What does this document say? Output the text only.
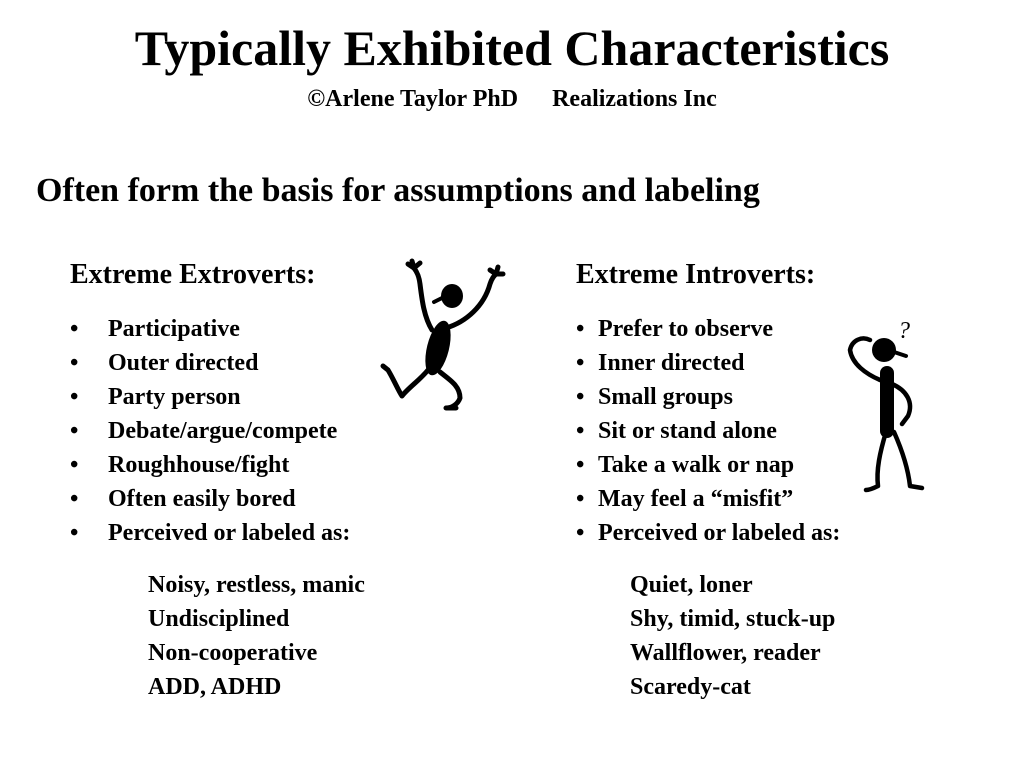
Typically Exhibited Characteristics
©Arlene Taylor PhD Realizations Inc
Often form the basis for assumptions and labeling
Extreme Extroverts:
• Participative
• Outer directed
• Party person
• Debate/argue/compete
• Roughhouse/fight
• Often easily bored
• Perceived or labeled as:
Noisy, restless, manic
Undisciplined
Non-cooperative
ADD, ADHD
Extreme Introverts:
• Prefer to observe
• Inner directed
• Small groups
• Sit or stand alone
• Take a walk or nap
• May feel a “misfit”
• Perceived or labeled as:
Quiet, loner
Shy, timid, stuck-up
Wallflower, reader
Scaredy-cat
?
